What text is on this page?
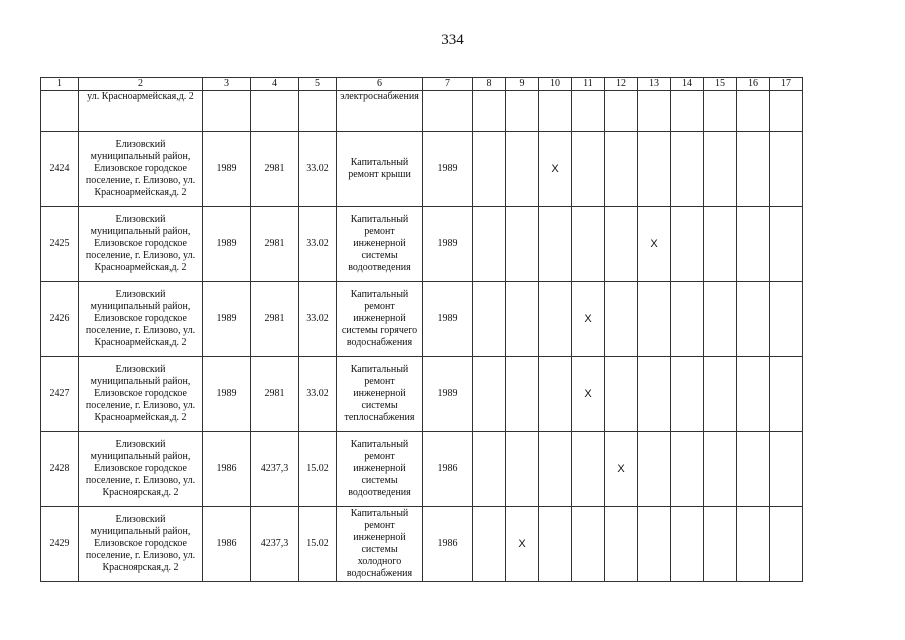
334
1	2	3	4	5	6	7	8	9	10	11	12	13	14	15	16	17
	ул. Красноармейская,д. 2				электроснабжения											
2424	Елизовский муниципальный район, Елизовское городское поселение, г. Елизово, ул. Красноармейская,д. 2	1989	2981	33.02	Капитальный ремонт крыши	1989			X							
2425	Елизовский муниципальный район, Елизовское городское поселение, г. Елизово, ул. Красноармейская,д. 2	1989	2981	33.02	Капитальный ремонт инженерной системы водоотведения	1989						X				
2426	Елизовский муниципальный район, Елизовское городское поселение, г. Елизово, ул. Красноармейская,д. 2	1989	2981	33.02	Капитальный ремонт инженерной системы горячего водоснабжения	1989				X						
2427	Елизовский муниципальный район, Елизовское городское поселение, г. Елизово, ул. Красноармейская,д. 2	1989	2981	33.02	Капитальный ремонт инженерной системы теплоснабжения	1989				X						
2428	Елизовский муниципальный район, Елизовское городское поселение, г. Елизово, ул. Красноярская,д. 2	1986	4237,3	15.02	Капитальный ремонт инженерной системы водоотведения	1986					X					
2429	Елизовский муниципальный район, Елизовское городское поселение, г. Елизово, ул. Красноярская,д. 2	1986	4237,3	15.02	Капитальный ремонт инженерной системы холодного водоснабжения	1986		X								
